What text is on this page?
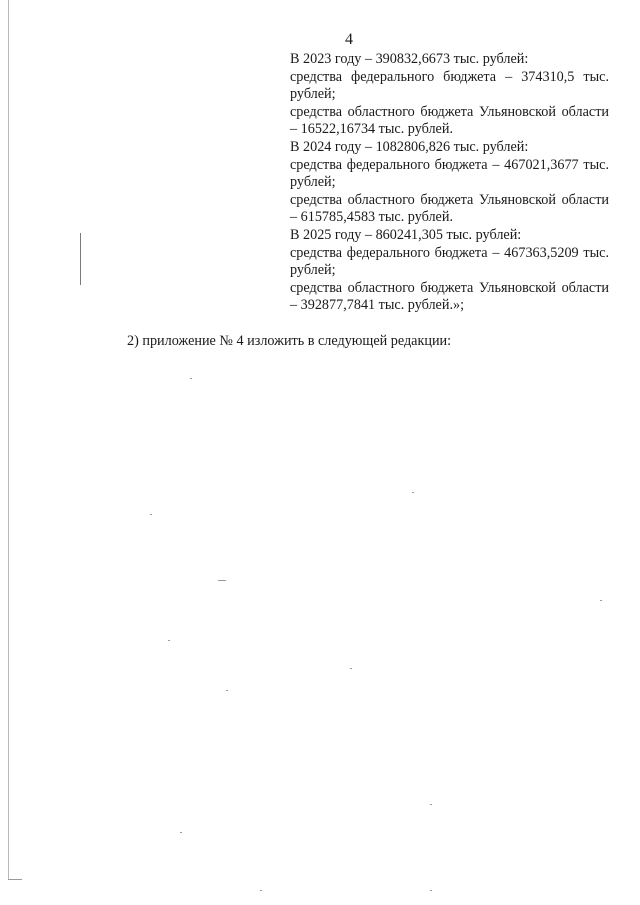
4

В 2023 году – 390832,6673 тыс. рублей:

средства федерального бюджета – 374310,5 тыс. рублей;

средства областного бюджета Ульяновской области – 16522,16734 тыс. рублей.

В 2024 году – 1082806,826 тыс. рублей:

средства федерального бюджета – 467021,3677 тыс. рублей;

средства областного бюджета Ульяновской области – 615785,4583 тыс. рублей.

В 2025 году – 860241,305 тыс. рублей:

средства федерального бюджета – 467363,5209 тыс. рублей;

средства областного бюджета Ульяновской области – 392877,7841 тыс. рублей.»;

2) приложение № 4 изложить в следующей редакции:
